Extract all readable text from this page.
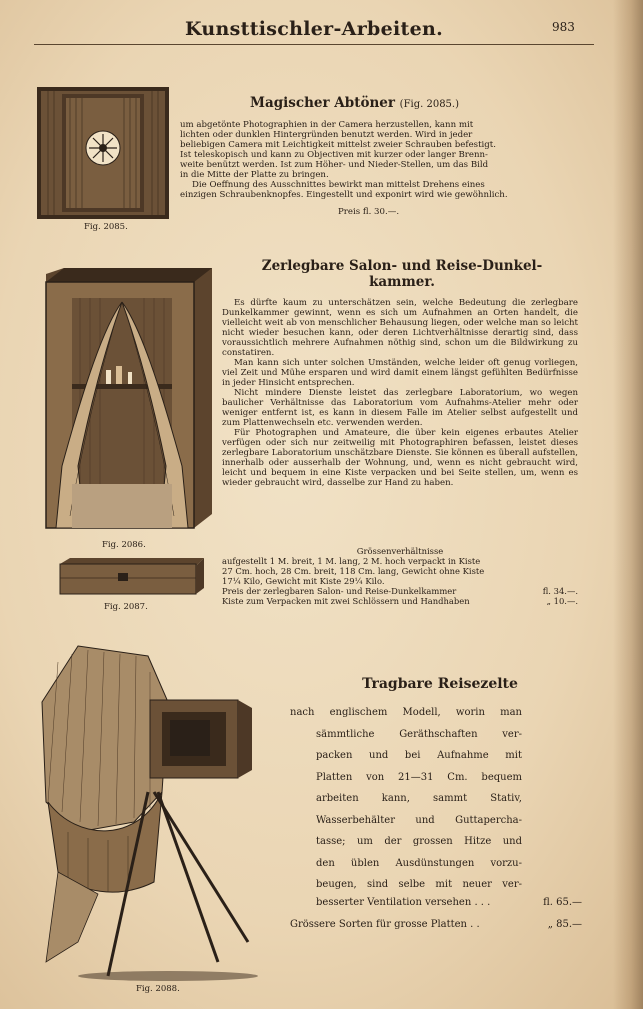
Kunsttischler-Arbeiten.	983
Fig. 2085.
Magischer Abtöner (Fig. 2085.)
um abgetönte Photographien in der Camera herzustellen, kann mit
lichten oder dunklen Hintergründen benutzt werden. Wird in jeder
beliebigen Camera mit Leichtigkeit mittelst zweier Schrauben befestigt.
Ist teleskopisch und kann zu Objectiven mit kurzer oder langer Brenn-
weite benützt werden. Ist zum Höher- und Nieder-Stellen, um das Bild
in die Mitte der Platte zu bringen.
Die Oeffnung des Ausschnittes bewirkt man mittelst Drehens eines
einzigen Schraubenknopfes. Eingestellt und exponirt wird wie gewöhnlich.
Preis fl. 30.—.
Fig. 2086.
Fig. 2087.
Zerlegbare Salon- und Reise-Dunkel-
kammer.

Es dürfte kaum zu unterschätzen sein, welche Bedeutung die zerlegbare Dunkelkammer gewinnt, wenn es sich um Aufnahmen an Orten handelt, die vielleicht weit ab von menschlicher Behausung liegen, oder welche man so leicht nicht wieder besuchen kann, oder deren Lichtverhältnisse derartig sind, dass voraussichtlich mehrere Aufnahmen nöthig sind, schon um die Bildwirkung zu constatiren.

Man kann sich unter solchen Umständen, welche leider oft genug vorliegen, viel Zeit und Mühe ersparen und wird damit einem längst gefühlten Bedürfnisse in jeder Hinsicht entsprechen.

Nicht mindere Dienste leistet das zerlegbare Laboratorium, wo wegen baulicher Verhältnisse das Laboratorium vom Aufnahms-Atelier mehr oder weniger entfernt ist, es kann in diesem Falle im Atelier selbst aufgestellt und zum Plattenwechseln etc. verwenden werden.

Für Photographen und Amateure, die über kein eigenes erbautes Atelier verfügen oder sich nur zeitweilig mit Photographiren befassen, leistet dieses zerlegbare Laboratorium unschätzbare Dienste. Sie können es überall aufstellen, innerhalb oder ausserhalb der Wohnung, und, wenn es nicht gebraucht wird, leicht und bequem in eine Kiste verpacken und bei Seite stellen, um, wenn es wieder gebraucht wird, dasselbe zur Hand zu haben.

Grössenverhältnisse
aufgestellt 1 M. breit, 1 M. lang, 2 M. hoch verpackt in Kiste
27 Cm. hoch, 28 Cm. breit, 118 Cm. lang, Gewicht ohne Kiste
17¼ Kilo, Gewicht mit Kiste 29¼ Kilo.
Preis der zerlegbaren Salon- und Reise-Dunkelkammer	fl. 34.—.
Kiste zum Verpacken mit zwei Schlössern und Handhaben	„ 10.—.
Fig. 2088.
Tragbare Reisezelte
nach englischem Modell, worin man
sämmtliche Geräthschaften ver-
packen und bei Aufnahme mit
Platten von 21—31 Cm. bequem
arbeiten kann, sammt Stativ,
Wasserbehälter und Guttapercha-
tasse; um der grossen Hitze und
den üblen Ausdünstungen vorzu-
beugen, sind selbe mit neuer ver-
besserter Ventilation versehen . . .	fl. 65.—
Grössere Sorten für grosse Platten . .	„ 85.—
